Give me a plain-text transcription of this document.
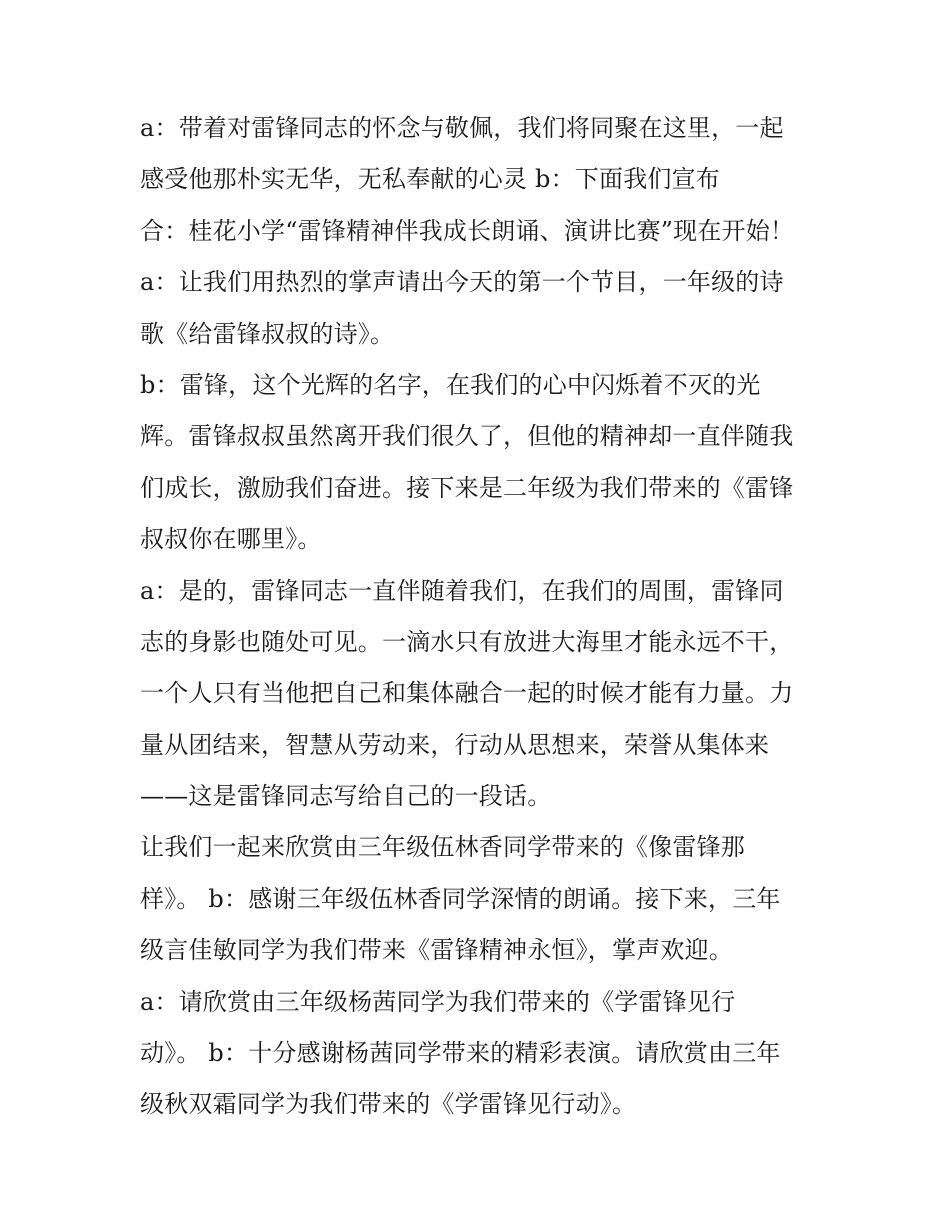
a：带着对雷锋同志的怀念与敬佩，我们将同聚在这里，一起
感受他那朴实无华，无私奉献的心灵 b：下面我们宣布
合：桂花小学“雷锋精神伴我成长朗诵、演讲比赛”现在开始！
a：让我们用热烈的掌声请出今天的第一个节目，一年级的诗
歌《给雷锋叔叔的诗》。
b：雷锋，这个光辉的名字，在我们的心中闪烁着不灭的光
辉。雷锋叔叔虽然离开我们很久了，但他的精神却一直伴随我
们成长，激励我们奋进。接下来是二年级为我们带来的《雷锋
叔叔你在哪里》。
a：是的，雷锋同志一直伴随着我们，在我们的周围，雷锋同
志的身影也随处可见。一滴水只有放进大海里才能永远不干，
一个人只有当他把自己和集体融合一起的时候才能有力量。力
量从团结来，智慧从劳动来，行动从思想来，荣誉从集体来
——这是雷锋同志写给自己的一段话。
让我们一起来欣赏由三年级伍林香同学带来的《像雷锋那
样》。 b：感谢三年级伍林香同学深情的朗诵。接下来，三年
级言佳敏同学为我们带来《雷锋精神永恒》，掌声欢迎。
a：请欣赏由三年级杨茜同学为我们带来的《学雷锋见行
动》。 b：十分感谢杨茜同学带来的精彩表演。请欣赏由三年
级秋双霜同学为我们带来的《学雷锋见行动》。
